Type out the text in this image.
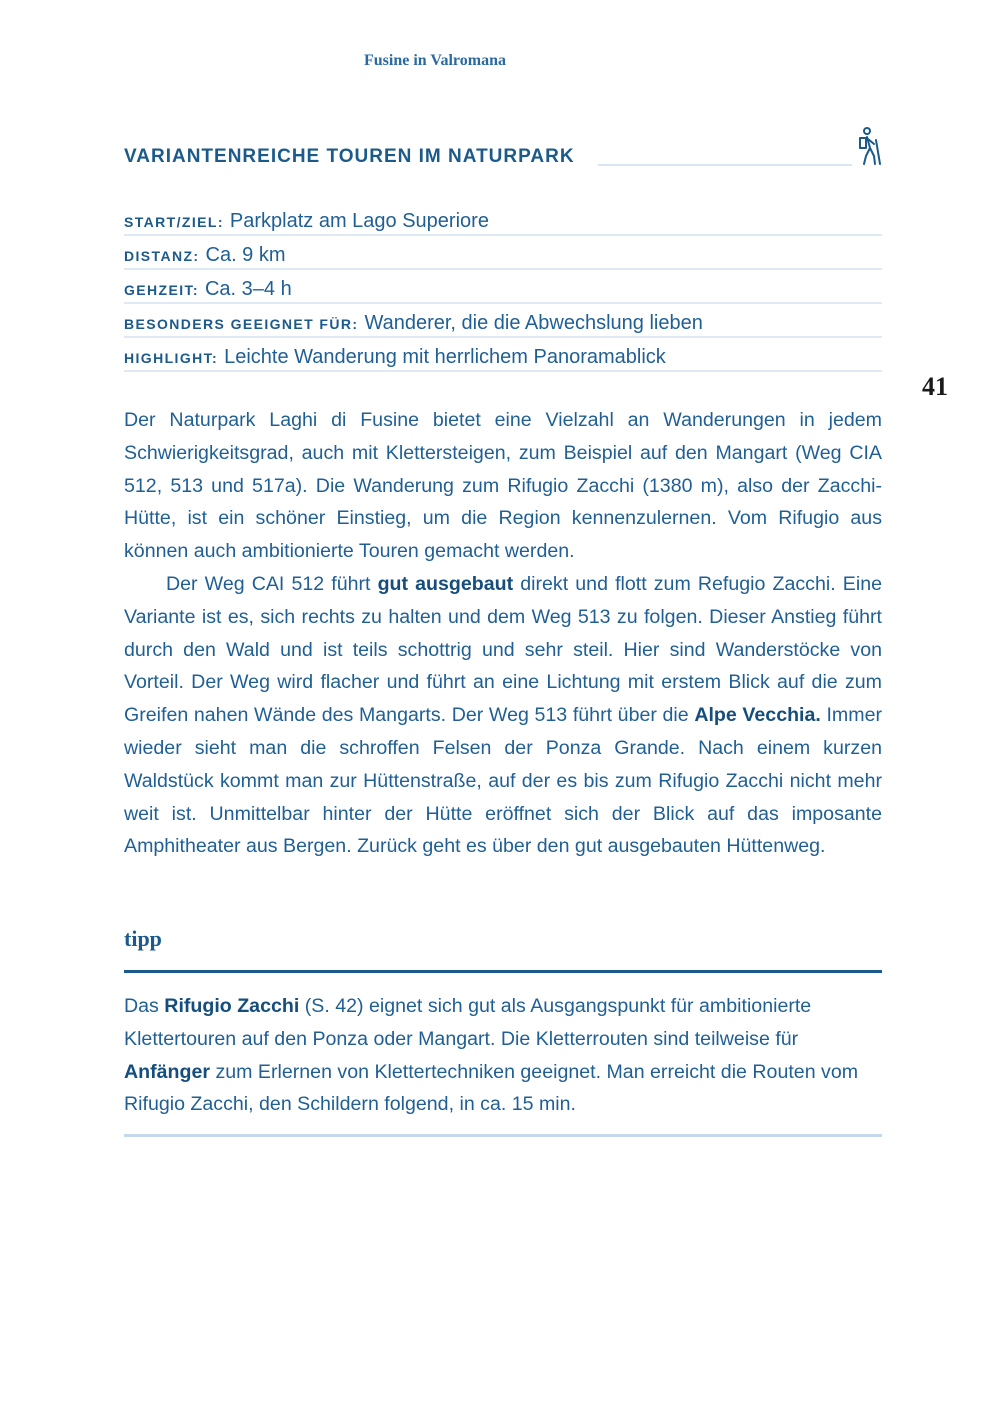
Fusine in Valromana
41
VARIANTENREICHE TOUREN IM NATURPARK
START/ZIEL: Parkplatz am Lago Superiore
DISTANZ: Ca. 9 km
GEHZEIT: Ca. 3–4 h
BESONDERS GEEIGNET FÜR: Wanderer, die die Abwechslung lieben
HIGHLIGHT: Leichte Wanderung mit herrlichem Panoramablick

Der Naturpark Laghi di Fusine bietet eine Vielzahl an Wanderungen in jedem Schwierigkeitsgrad, auch mit Klettersteigen, zum Beispiel auf den Mangart (Weg CIA 512, 513 und 517a). Die Wanderung zum Rifugio Zacchi (1380 m), also der Zacchi-Hütte, ist ein schöner Einstieg, um die Region kennenzulernen. Vom Rifugio aus können auch ambitionierte Touren gemacht werden.

Der Weg CAI 512 führt gut ausgebaut direkt und flott zum Refugio Zacchi. Eine Variante ist es, sich rechts zu halten und dem Weg 513 zu folgen. Dieser Anstieg führt durch den Wald und ist teils schottrig und sehr steil. Hier sind Wanderstöcke von Vorteil. Der Weg wird flacher und führt an eine Lichtung mit erstem Blick auf die zum Greifen nahen Wände des Mangarts. Der Weg 513 führt über die Alpe Vecchia. Immer wieder sieht man die schroffen Felsen der Ponza Grande. Nach einem kurzen Waldstück kommt man zur Hüttenstraße, auf der es bis zum Rifugio Zacchi nicht mehr weit ist. Unmittelbar hinter der Hütte eröffnet sich der Blick auf das imposante Amphitheater aus Bergen. Zurück geht es über den gut ausgebauten Hüttenweg.

tipp

Das Rifugio Zacchi (S. 42) eignet sich gut als Ausgangspunkt für ambitionierte Klettertouren auf den Ponza oder Mangart. Die Kletterrouten sind teilweise für Anfänger zum Erlernen von Klettertechniken geeignet. Man erreicht die Routen vom Rifugio Zacchi, den Schildern folgend, in ca. 15 min.
